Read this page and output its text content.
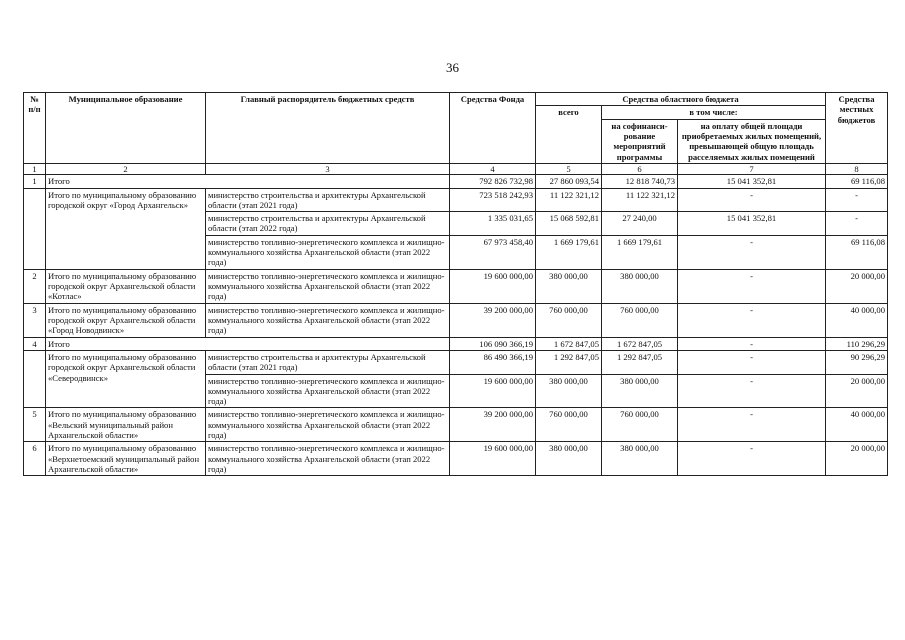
36
№ п/п	Муниципальное образование	Главный распорядитель бюджетных средств	Средства Фонда	Средства областного бюджета			Средства местных бюджетов
				всего	в том числе:		
					на софинанси-рование мероприятий программы	на оплату общей площади приобретаемых жилых помещений, превышающей общую площадь расселяемых жилых помещений	
1	2	3	4	5	6	7	8
1	Итого		792 826 732,98	27 860 093,54	12 818 740,73	15 041 352,81	69 116,08
	Итого по муниципальному образованию городской округ «Город Архангельск»	министерство строительства и архитектуры Архангельской области (этап 2021 года)	723 518 242,93	11 122 321,12	11 122 321,12	-	-
		министерство строительства и архитектуры Архангельской области (этап 2022 года)	1 335 031,65	15 068 592,81	27 240,00	15 041 352,81	-
		министерство топливно-энергетического комплекса и жилищно-коммунального хозяйства Архангельской области (этап 2022 года)	67 973 458,40	1 669 179,61	1 669 179,61	-	69 116,08
2	Итого по муниципальному образованию городской округ Архангельской области «Котлас»	министерство топливно-энергетического комплекса и жилищно-коммунального хозяйства Архангельской области (этап 2022 года)	19 600 000,00	380 000,00	380 000,00	-	20 000,00
3	Итого по муниципальному образованию городской округ Архангельской области «Город Новодвинск»	министерство топливно-энергетического комплекса и жилищно-коммунального хозяйства Архангельской области (этап 2022 года)	39 200 000,00	760 000,00	760 000,00	-	40 000,00
4	Итого		106 090 366,19	1 672 847,05	1 672 847,05	-	110 296,29
	Итого по муниципальному образованию городской округ Архангельской области «Северодвинск»	министерство строительства и архитектуры Архангельской области (этап 2021 года)	86 490 366,19	1 292 847,05	1 292 847,05	-	90 296,29
		министерство топливно-энергетического комплекса и жилищно-коммунального хозяйства Архангельской области (этап 2022 года)	19 600 000,00	380 000,00	380 000,00	-	20 000,00
5	Итого по муниципальному образованию «Вельский муниципальный район Архангельской области»	министерство топливно-энергетического комплекса и жилищно-коммунального хозяйства Архангельской области (этап 2022 года)	39 200 000,00	760 000,00	760 000,00	-	40 000,00
6	Итого по муниципальному образованию «Верхнетоемский муниципальный район Архангельской области»	министерство топливно-энергетического комплекса и жилищно-коммунального хозяйства Архангельской области (этап 2022 года)	19 600 000,00	380 000,00	380 000,00	-	20 000,00
